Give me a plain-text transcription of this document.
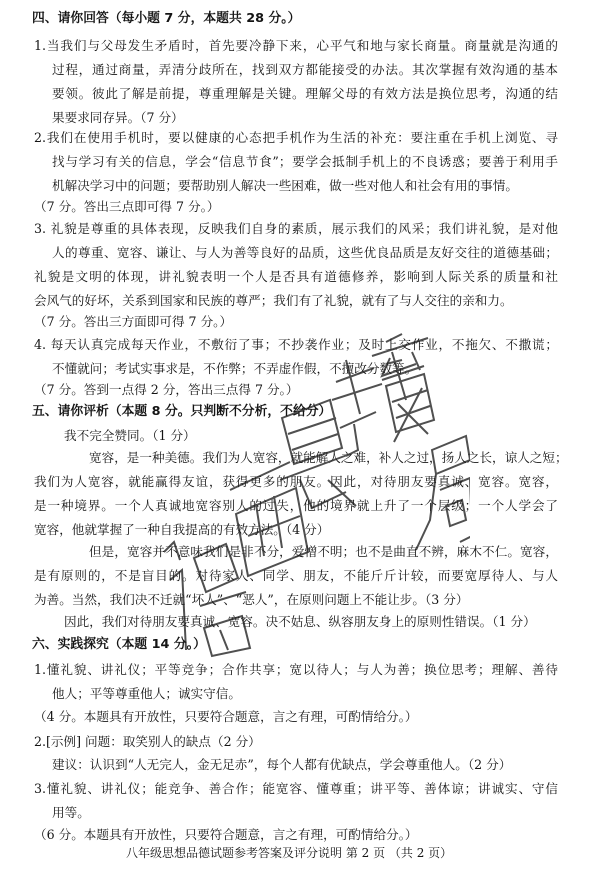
四、请你回答（每小题 7 分，本题共 28 分。）
1.当我们与父母发生矛盾时，首先要冷静下来，心平气和地与家长商量。商量就是沟通的
过程，通过商量，弄清分歧所在，找到双方都能接受的办法。其次掌握有效沟通的基本
要领。彼此了解是前提，尊重理解是关键。理解父母的有效方法是换位思考，沟通的结
果要求同存异。（7 分）
2.我们在使用手机时，要以健康的心态把手机作为生活的补充：要注重在手机上浏览、寻
找与学习有关的信息，学会“信息节食”；要学会抵制手机上的不良诱惑；要善于利用手
机解决学习中的问题；要帮助别人解决一些困难，做一些对他人和社会有用的事情。
（7 分。答出三点即可得 7 分。）
3. 礼貌是尊重的具体表现，反映我们自身的素质，展示我们的风采；我们讲礼貌，是对他
人的尊重、宽容、谦让、与人为善等良好的品质，这些优良品质是友好交往的道德基础；
礼貌是文明的体现，讲礼貌表明一个人是否具有道德修养，影响到人际关系的质量和社
会风气的好坏，关系到国家和民族的尊严；我们有了礼貌，就有了与人交往的亲和力。
（7 分。答出三方面即可得 7 分。）
4. 每天认真完成每天作业，不敷衍了事；不抄袭作业；及时上交作业，不拖欠、不撒谎；
不懂就问；考试实事求是，不作弊；不弄虚作假，不擅改分数等。
（7 分。答到一点得 2 分，答出三点得 7 分。）
五、请你评析（本题 8 分。只判断不分析，不给分）
我不完全赞同。（1 分）
宽容，是一种美德。我们为人宽容，就能解人之难，补人之过，扬人之长，谅人之短；
我们为人宽容，就能赢得友谊，获得更多的朋友。因此，对待朋友要真诚、宽容。宽容，
是一种境界。一个人真诚地宽容别人的过失，他的境界就上升了一个层级；一个人学会了
宽容，他就掌握了一种自我提高的有效方法。（4 分）
但是，宽容并不意味我们是非不分，爱憎不明；也不是曲直不辨，麻木不仁。宽容，
是有原则的，不是盲目的。对待家人、同学、朋友，不能斤斤计较，而要宽厚待人、与人
为善。当然，我们决不迁就“坏人”、“恶人”，在原则问题上不能让步。（3 分）
因此，我们对待朋友要真诚、宽容。决不姑息、纵容朋友身上的原则性错误。（1 分）
六、实践探究（本题 14 分。）
1.懂礼貌、讲礼仪；平等竞争；合作共享；宽以待人；与人为善；换位思考；理解、善待
他人；平等尊重他人；诚实守信。
（4 分。本题具有开放性，只要符合题意，言之有理，可酌情给分。）
2.[示例] 问题：取笑别人的缺点（2 分）
建议：认识到“人无完人，金无足赤”，每个人都有优缺点，学会尊重他人。（2 分）
3.懂礼貌、讲礼仪；能竞争、善合作；能宽容、懂尊重；讲平等、善体谅；讲诚实、守信
用等。
（6 分。本题具有开放性，只要符合题意，言之有理，可酌情给分。）
八年级思想品德试题参考答案及评分说明 第 2 页 （共 2 页）
